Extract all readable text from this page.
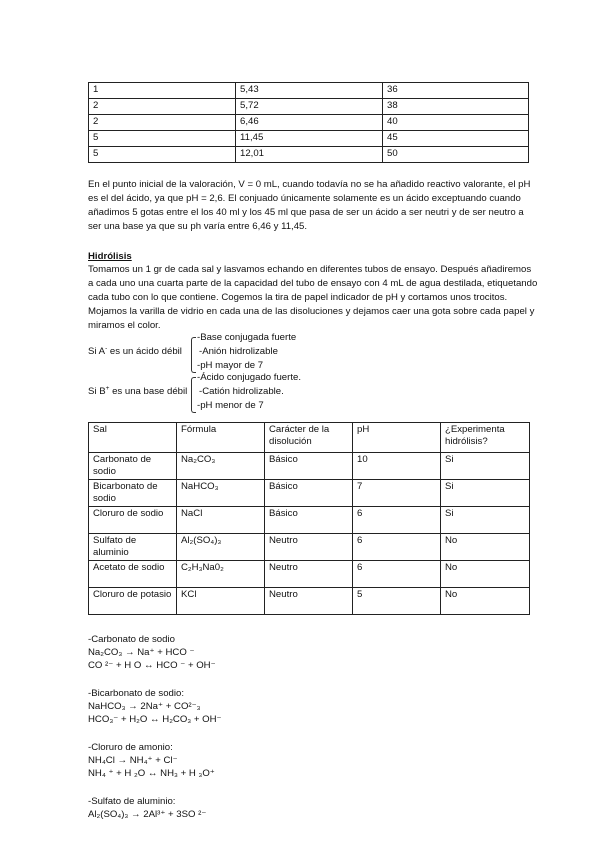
1	5,43	36
2	5,72	38
2	6,46	40
5	11,45	45
5	12,01	50
En el punto inicial de la valoración, V = 0 mL, cuando todavía no se ha añadido reactivo valorante, el pH es el del ácido, ya que pH = 2,6. El conjuado únicamente solamente es un ácido exceptuando cuando añadimos 5 gotas entre el los 40 ml y los 45 ml que pasa de ser un ácido a ser neutri y de ser neutro a ser una base ya que su ph varía entre 6,46 y 11,45.
Hidrólisis
Tomamos un 1 gr de cada sal y lasvamos echando en diferentes tubos de ensayo. Después añadiremos a cada uno una cuarta parte de la capacidad del tubo de ensayo con 4 mL de agua destilada, etiquetando cada tubo con lo que contiene. Cogemos la tira de papel indicador de pH y cortamos unos trocitos. Mojamos la varilla de vidrio en cada una de las disoluciones y dejamos caer una gota sobre cada papel y miramos el color.
Si A- es un ácido débil
-Base conjugada fuerte
-Anión hidrolizable
-pH mayor de 7
Si B+ es una base débil
-Ácido conjugado fuerte.
-Catión hidrolizable.
-pH menor de 7
Sal	Fórmula	Carácter de la disolución	pH	¿Experimenta hidrólisis?
Carbonato de sodio	Na₂CO₃	Básico	10	Si
Bicarbonato de sodio	NaHCO₃	Básico	7	Si
Cloruro de sodio	NaCl	Básico	6	Si
Sulfato de aluminio	Al₂(SO₄)₃	Neutro	6	No
Acetato de sodio	C₂H₃Na0₂	Neutro	6	No
Cloruro de potasio	KCl	Neutro	5	No
-Carbonato de sodio
Na₂CO₃ → Na⁺ + HCO ⁻
CO ²⁻ + H O ↔ HCO ⁻ + OH⁻
-Bicarbonato de sodio:
NaHCO₃ → 2Na⁺ + CO²⁻₃
HCO₃⁻ + H₂O ↔ H₂CO₃ + OH⁻
-Cloruro de amonio:
NH₄Cl → NH₄⁺ + Cl⁻
NH₄ ⁺ + H ₂O ↔ NH₃ + H ₃O⁺
-Sulfato de aluminio:
Al₂(SO₄)₃ → 2Al³⁺ + 3SO ²⁻
